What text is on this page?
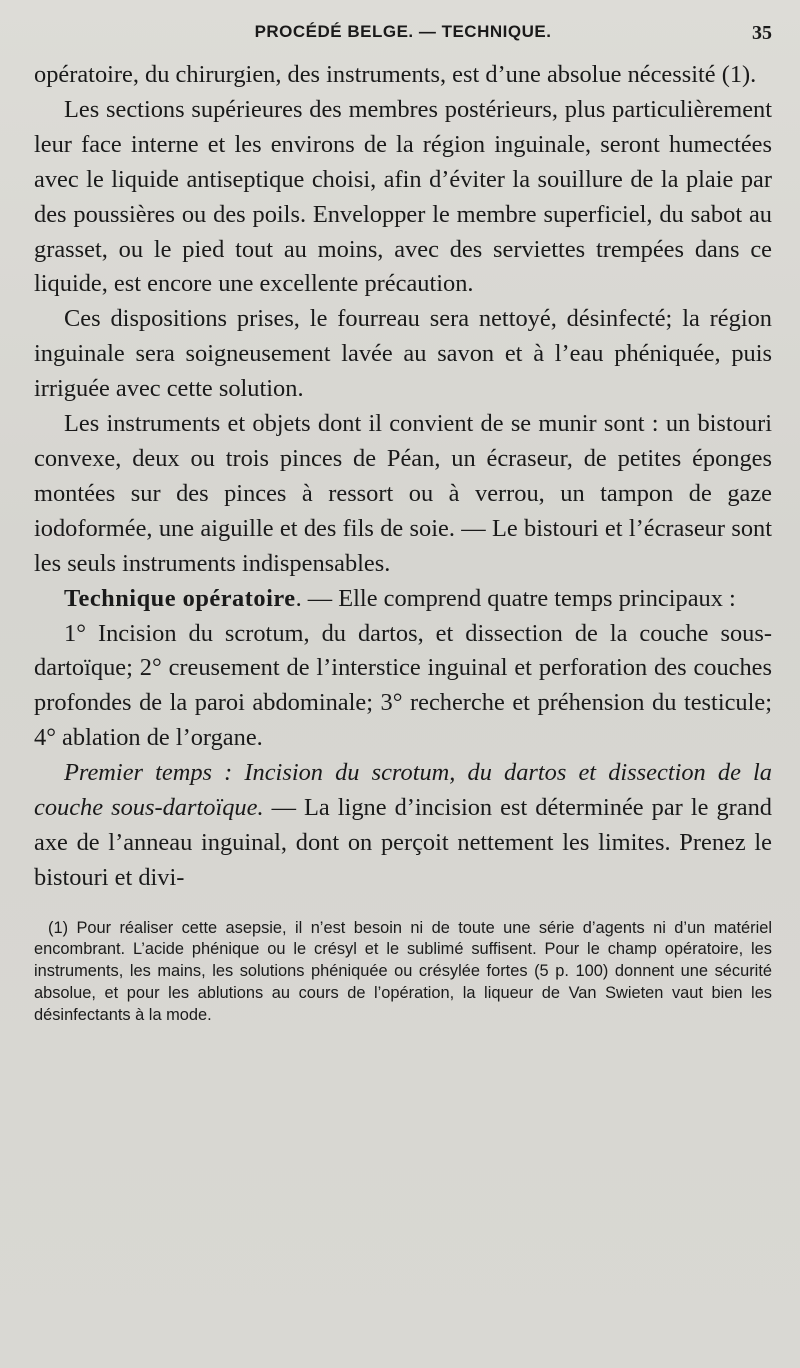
PROCÉDÉ BELGE. — TECHNIQUE.	35

opératoire, du chirurgien, des instruments, est d’une absolue nécessité (1).

Les sections supérieures des membres postérieurs, plus particulièrement leur face interne et les environs de la région inguinale, seront humectées avec le liquide antiseptique choisi, afin d’éviter la souillure de la plaie par des poussières ou des poils. Envelopper le membre superficiel, du sabot au grasset, ou le pied tout au moins, avec des serviettes trempées dans ce liquide, est encore une excellente précaution.

Ces dispositions prises, le fourreau sera nettoyé, désinfecté; la région inguinale sera soigneusement lavée au savon et à l’eau phéniquée, puis irriguée avec cette solution.

Les instruments et objets dont il convient de se munir sont : un bistouri convexe, deux ou trois pinces de Péan, un écraseur, de petites éponges montées sur des pinces à ressort ou à verrou, un tampon de gaze iodoformée, une aiguille et des fils de soie. — Le bistouri et l’écraseur sont les seuls instruments indispensables.

Technique opératoire. — Elle comprend quatre temps principaux :

1° Incision du scrotum, du dartos, et dissection de la couche sous-dartoïque; 2° creusement de l’interstice inguinal et perforation des couches profondes de la paroi abdominale; 3° recherche et préhension du testicule; 4° ablation de l’organe.

Premier temps : Incision du scrotum, du dartos et dissection de la couche sous-dartoïque. — La ligne d’incision est déterminée par le grand axe de l’anneau inguinal, dont on perçoit nettement les limites. Prenez le bistouri et divi-

(1) Pour réaliser cette asepsie, il n’est besoin ni de toute une série d’agents ni d’un matériel encombrant. L’acide phénique ou le crésyl et le sublimé suffisent. Pour le champ opératoire, les instruments, les mains, les solutions phéniquée ou crésylée fortes (5 p. 100) donnent une sécurité absolue, et pour les ablutions au cours de l’opération, la liqueur de Van Swieten vaut bien les désinfectants à la mode.
